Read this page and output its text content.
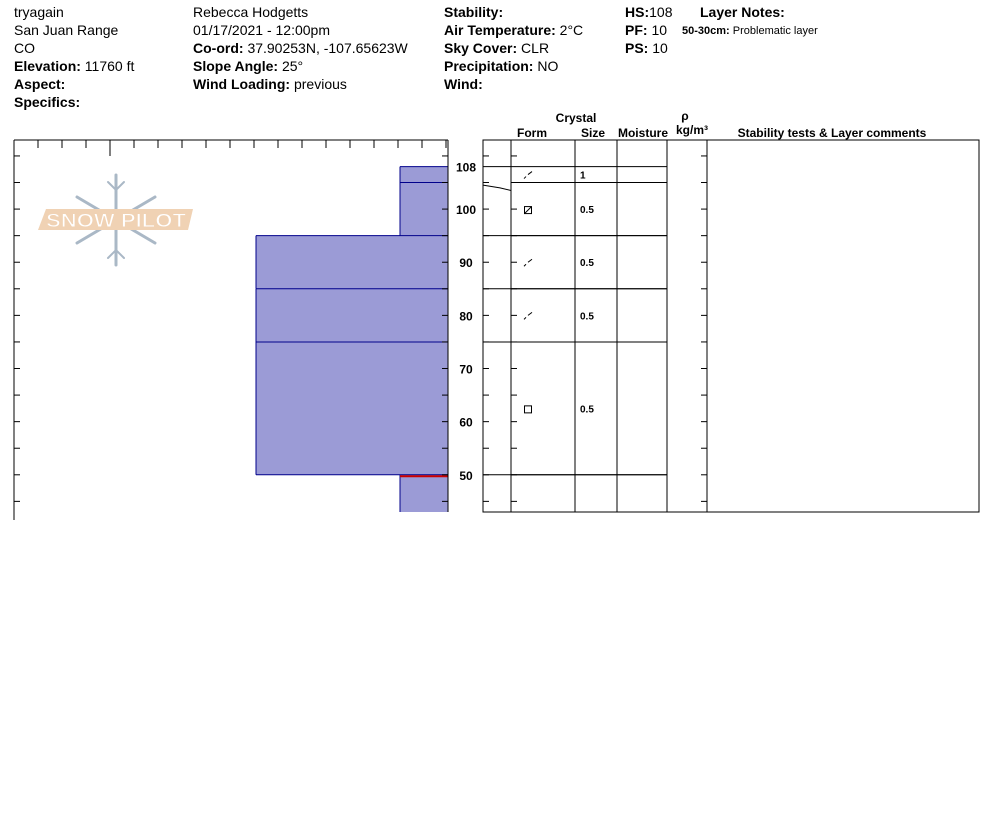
tryagain
San Juan Range
CO
Elevation: 11760 ft
Aspect:
Specifics:
Rebecca Hodgetts
01/17/2021 - 12:00pm
Co-ord: 37.90253N, -107.65623W
Slope Angle: 25°
Wind Loading: previous
Stability:
Air Temperature: 2°C
Sky Cover: CLR
Precipitation: NO
Wind:
HS:108
PF: 10
PS: 10
Layer Notes:
50-30cm: Problematic layer
SNOW PILOT
50
60
70
80
90
100
108
1
0.5
0.5
0.5
0.5
Crystal
Form	Size Moisture
ρ
kg/m³ Stability tests & Layer comments
